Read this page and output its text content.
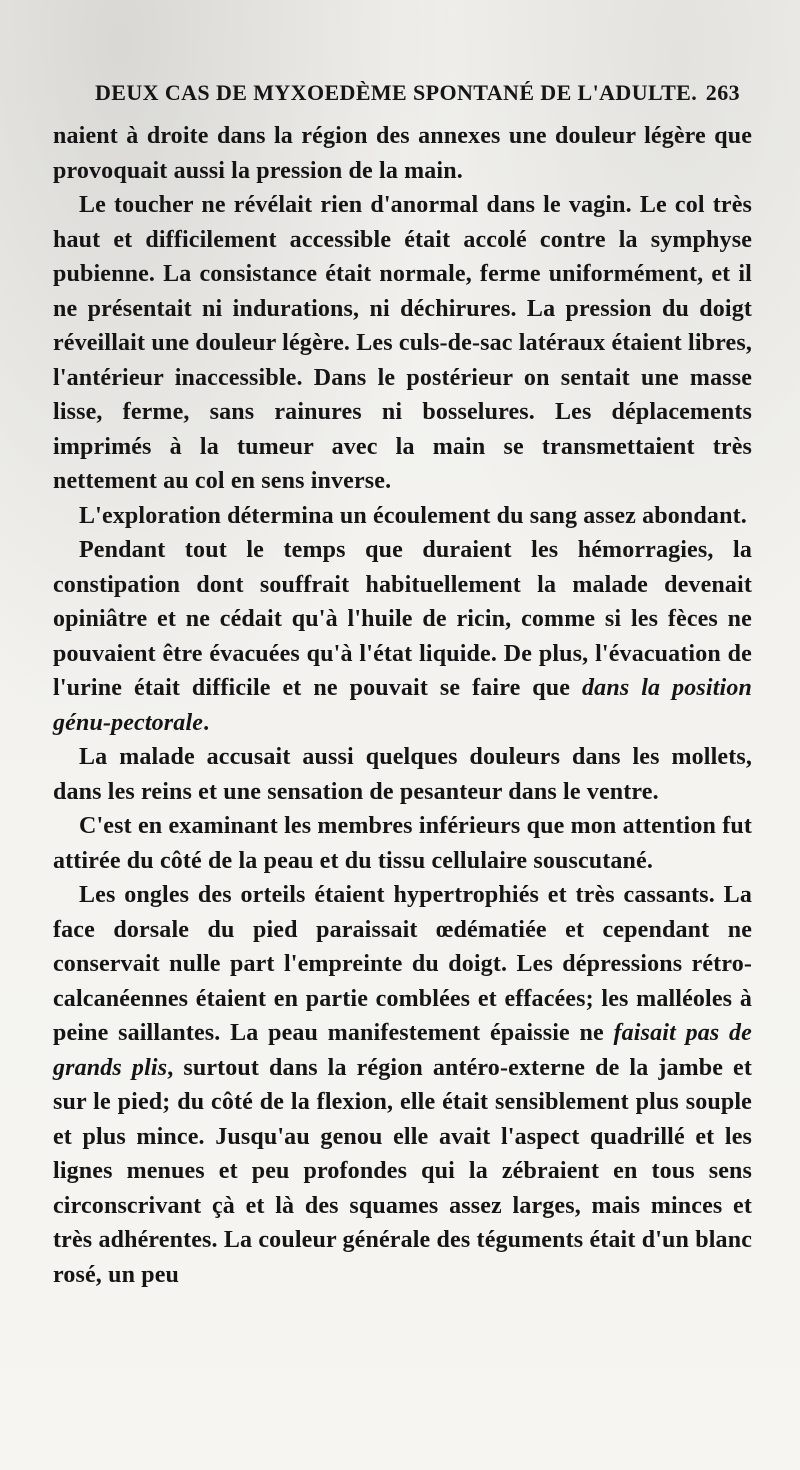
DEUX CAS DE MYXOEDÈME SPONTANÉ DE L'ADULTE. 263

naient à droite dans la région des annexes une douleur légère que provoquait aussi la pression de la main.

Le toucher ne révélait rien d'anormal dans le vagin. Le col très haut et difficilement accessible était accolé contre la symphyse pubienne. La consistance était normale, ferme uniformément, et il ne présentait ni indurations, ni déchirures. La pression du doigt réveillait une douleur légère. Les culs-de-sac latéraux étaient libres, l'antérieur inaccessible. Dans le postérieur on sentait une masse lisse, ferme, sans rainures ni bosselures. Les déplacements imprimés à la tumeur avec la main se transmettaient très nettement au col en sens inverse.

L'exploration détermina un écoulement du sang assez abondant.

Pendant tout le temps que duraient les hémorragies, la constipation dont souffrait habituellement la malade devenait opiniâtre et ne cédait qu'à l'huile de ricin, comme si les fèces ne pouvaient être évacuées qu'à l'état liquide. De plus, l'évacuation de l'urine était difficile et ne pouvait se faire que dans la position génu-pectorale.

La malade accusait aussi quelques douleurs dans les mollets, dans les reins et une sensation de pesanteur dans le ventre.

C'est en examinant les membres inférieurs que mon attention fut attirée du côté de la peau et du tissu cellulaire souscutané.

Les ongles des orteils étaient hypertrophiés et très cassants. La face dorsale du pied paraissait œdématiée et cependant ne conservait nulle part l'empreinte du doigt. Les dépressions rétro-calcanéennes étaient en partie comblées et effacées; les malléoles à peine saillantes. La peau manifestement épaissie ne faisait pas de grands plis, surtout dans la région antéro-externe de la jambe et sur le pied; du côté de la flexion, elle était sensiblement plus souple et plus mince. Jusqu'au genou elle avait l'aspect quadrillé et les lignes menues et peu profondes qui la zébraient en tous sens circonscrivant çà et là des squames assez larges, mais minces et très adhérentes. La couleur générale des téguments était d'un blanc rosé, un peu
